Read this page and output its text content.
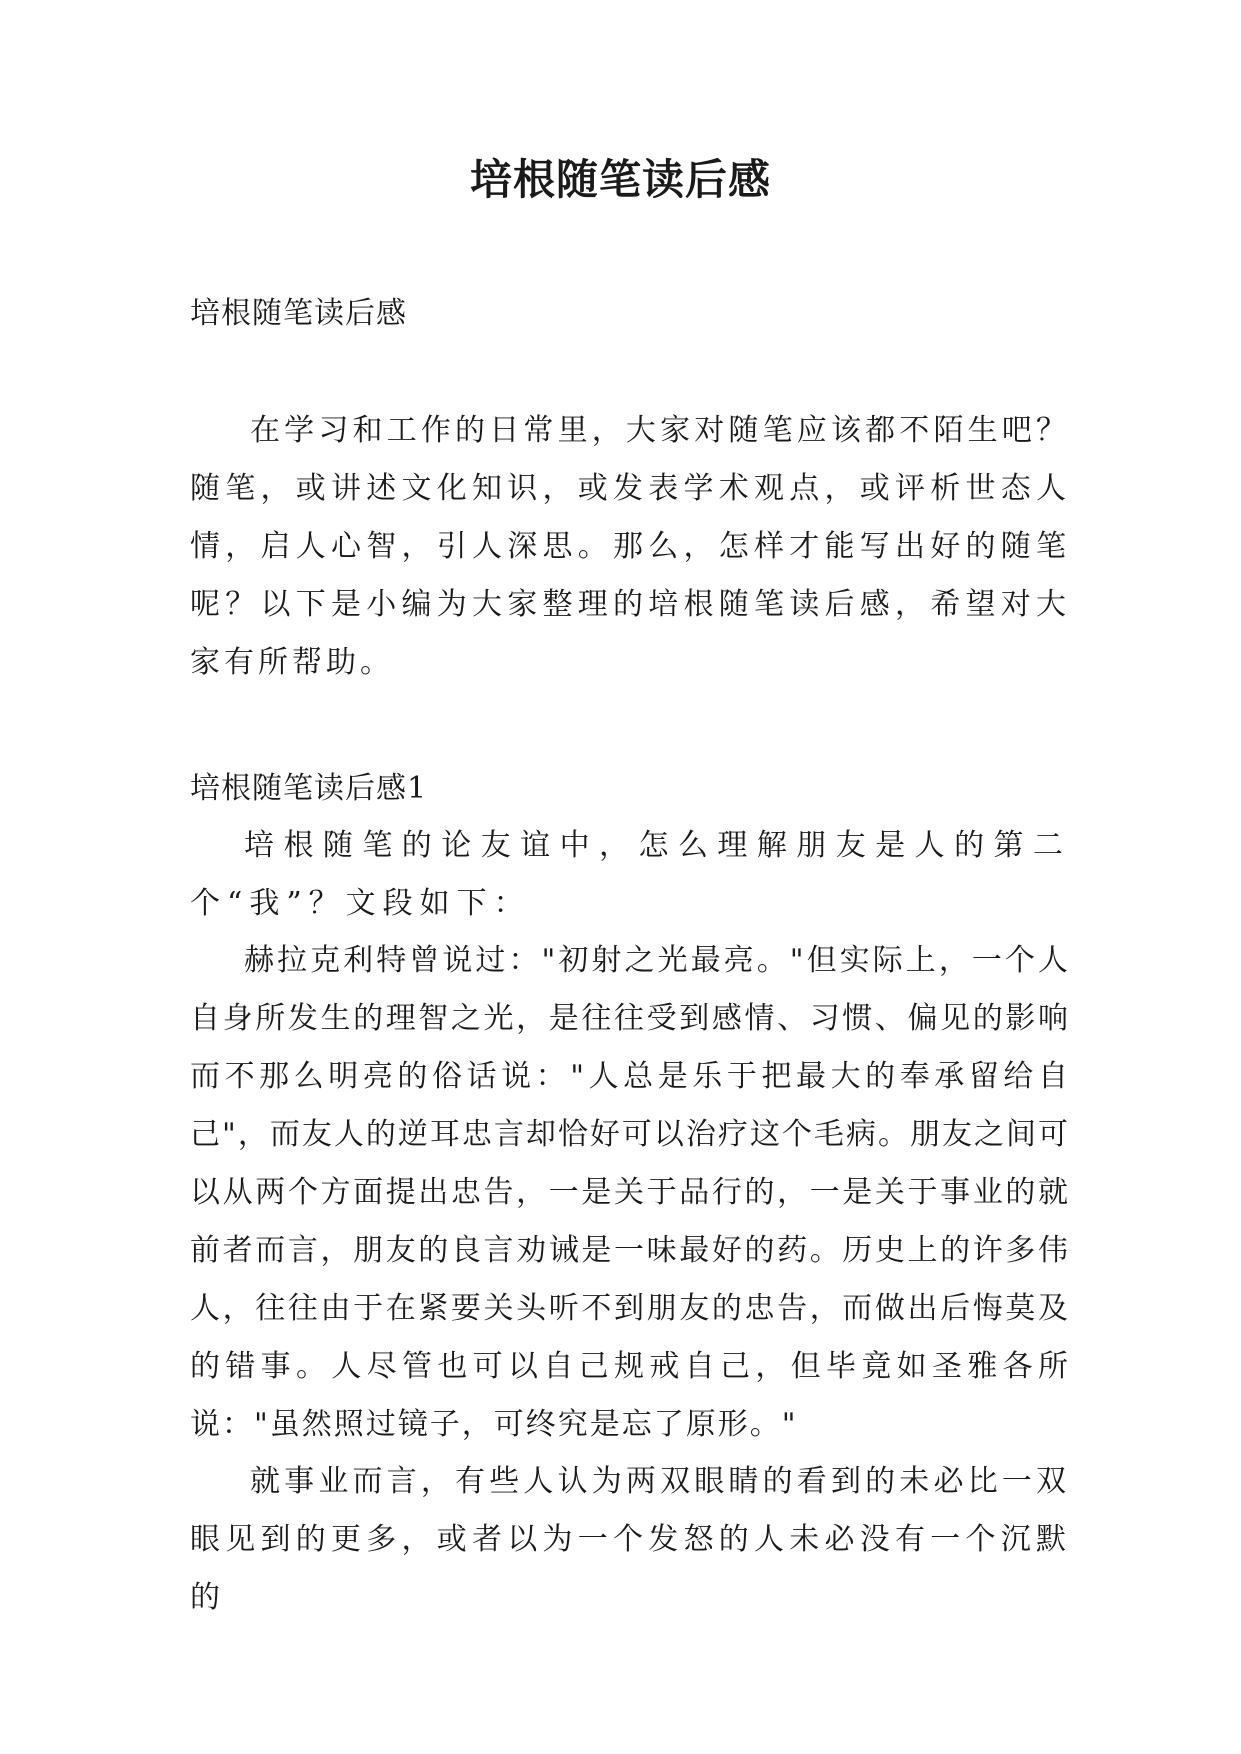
培根随笔读后感

培根随笔读后感

在学习和工作的日常里，大家对随笔应该都不陌生吧？随笔，或讲述文化知识，或发表学术观点，或评析世态人情，启人心智，引人深思。那么，怎样才能写出好的随笔呢？以下是小编为大家整理的培根随笔读后感，希望对大家有所帮助。

培根随笔读后感1

培根随笔的论友谊中，怎么理解朋友是人的第二个“我”？文段如下：

赫拉克利特曾说过："初射之光最亮。"但实际上，一个人自身所发生的理智之光，是往往受到感情、习惯、偏见的影响而不那么明亮的俗话说："人总是乐于把最大的奉承留给自己"，而友人的逆耳忠言却恰好可以治疗这个毛病。朋友之间可以从两个方面提出忠告，一是关于品行的，一是关于事业的就前者而言，朋友的良言劝诫是一味最好的药。历史上的许多伟人，往往由于在紧要关头听不到朋友的忠告，而做出后悔莫及的错事。人尽管也可以自己规戒自己，但毕竟如圣雅各所说："虽然照过镜子，可终究是忘了原形。"

就事业而言，有些人认为两双眼睛的看到的未必比一双眼见到的更多，或者以为一个发怒的人未必没有一个沉默的
